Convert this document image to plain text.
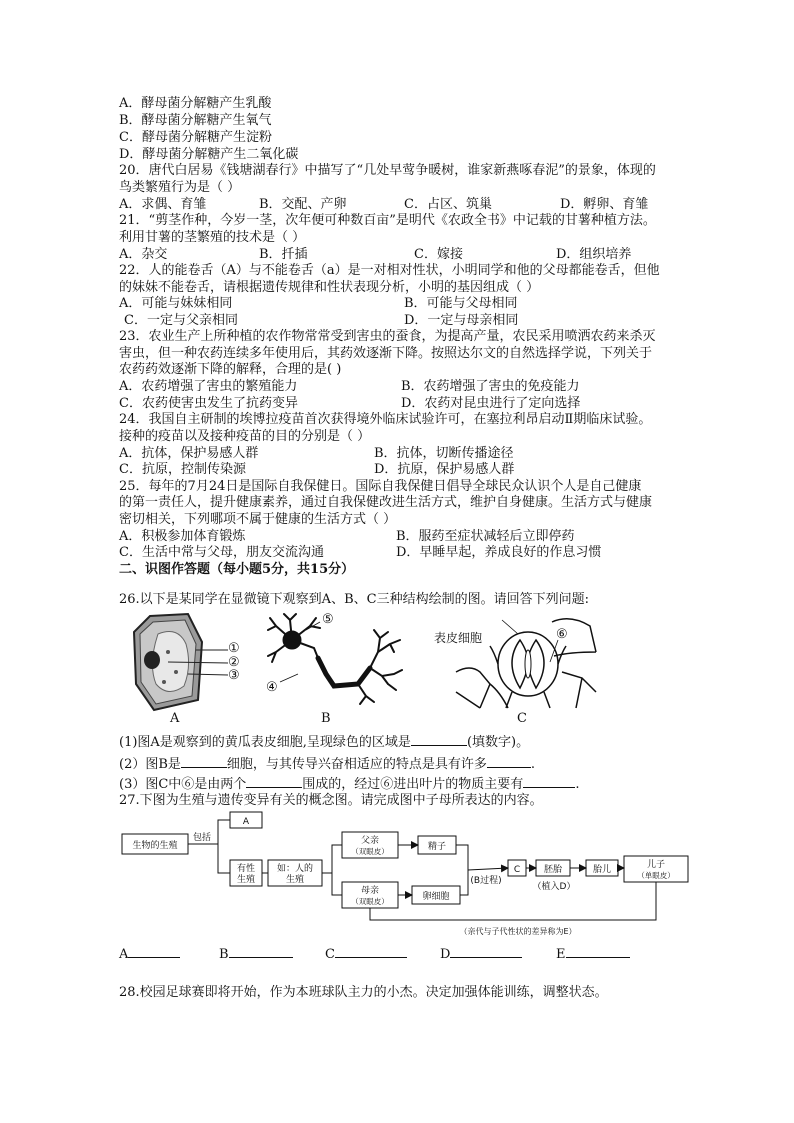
A．酵母菌分解糖产生乳酸
B．酵母菌分解糖产生氧气
C．酵母菌分解糖产生淀粉
D．酵母菌分解糖产生二氧化碳
20．唐代白居易《钱塘湖春行》中描写了“几处早莺争暖树，谁家新燕啄春泥”的景象，体现的
鸟类繁殖行为是（ ）
A．求偶、育雏	B．交配、产卵	C．占区、筑巢	D．孵卵、育雏
21．“剪茎作种，今岁一茎，次年便可种数百亩”是明代《农政全书》中记载的甘薯种植方法。
利用甘薯的茎繁殖的技术是（ ）
A．杂交	B．扦插	C．嫁接	D．组织培养
22．人的能卷舌（A）与不能卷舌（a）是一对相对性状，小明同学和他的父母都能卷舌，但他
的妹妹不能卷舌，请根据遗传规律和性状表现分析，小明的基因组成（ ）
A．可能与妹妹相同	B．可能与父母相同
C．一定与父亲相同	D．一定与母亲相同
23．农业生产上所种植的农作物常常受到害虫的蚕食，为提高产量，农民采用喷洒农药来杀灭
害虫，但一种农药连续多年使用后，其药效逐渐下降。按照达尔文的自然选择学说，下列关于
农药药效逐渐下降的解释，合理的是( )
A．农药增强了害虫的繁殖能力	B．农药增强了害虫的免疫能力
C．农药使害虫发生了抗药变异	D．农药对昆虫进行了定向选择
24．我国自主研制的埃博拉疫苗首次获得境外临床试验许可，在塞拉利昂启动Ⅱ期临床试验。
接种的疫苗以及接种疫苗的目的分别是（ ）
A．抗体，保护易感人群	B．抗体，切断传播途径
C．抗原，控制传染源	D．抗原，保护易感人群
25．每年的7月24日是国际自我保健日。国际自我保健日倡导全球民众认识个人是自己健康
的第一责任人，提升健康素养，通过自我保健改进生活方式，维护自身健康。生活方式与健康
密切相关，下列哪项不属于健康的生活方式（ ）
A．积极参加体育锻炼	B．服药至症状减轻后立即停药
C．生活中常与父母，朋友交流沟通	D．早睡早起，养成良好的作息习惯
二、识图作答题（每小题5分，共15分）
26.以下是某同学在显微镜下观察到A、B、C三种结构绘制的图。请回答下列问题:
①
②
③
A
⑤
④
B
表皮细胞	⑥
C
(1)图A是观察到的黄瓜表皮细胞,呈现绿色的区域是	(填数字)。
(2）图B是	细胞，与其传导兴奋相适应的特点是具有许多	.
(3）图C中⑥是由两个	围成的，经过⑥进出叶片的物质主要有	.
27.下图为生殖与遗传变异有关的概念图。请完成图中子母所表达的内容。
生物的生殖
包括
A
有性
生殖
如：人的
生殖
父亲
（双眼皮）	精子
母亲
（双眼皮）	卵细胞
(B过程)
C	胚胎
（植入D）
胎儿	儿子
（单眼皮）
（亲代与子代性状的差异称为E）
A	B	C	D	E
28.校园足球赛即将开始，作为本班球队主力的小杰。决定加强体能训练，调整状态。
